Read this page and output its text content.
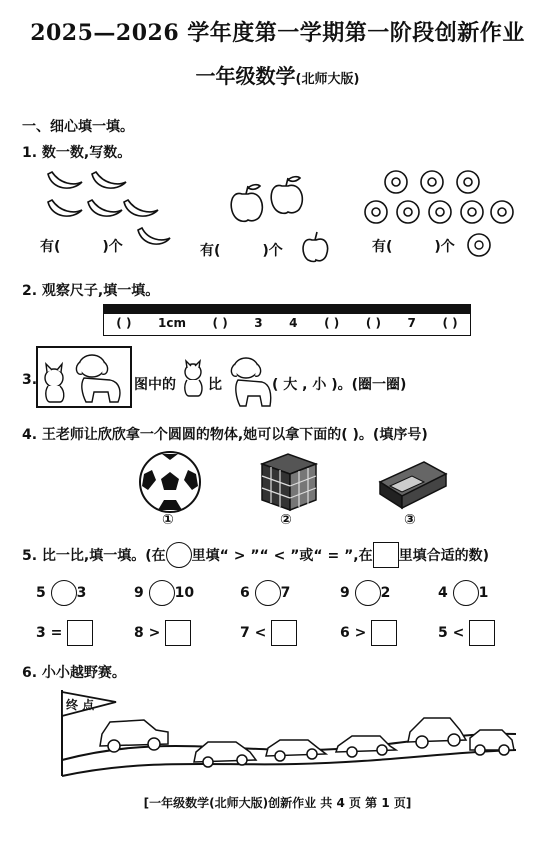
2025—2026 学年度第一学期第一阶段创新作业
一年级数学(北师大版)
一、细心填一填。
1. 数一数,写数。
有(	)个	有(	)个	有(	)个
2. 观察尺子,填一填。
( ) 1cm ( ) 3 4 ( ) ( ) 7 ( )
3.	图中的 比	( 大 , 小 )。(圈一圈)
4. 王老师让欣欣拿一个圆圆的物体,她可以拿下面的( )。(填序号)
①	②	③
5. 比一比,填一填。(在 里填“ > ”“ < ”或“ = ”,在 里填合适的数)
5 3	9 10	6 7	9 2	4 1
3 =	8 >	7 <	6 >	5 <
6. 小小越野赛。
终 点
[一年级数学(北师大版)创新作业 共 4 页 第 1 页]
